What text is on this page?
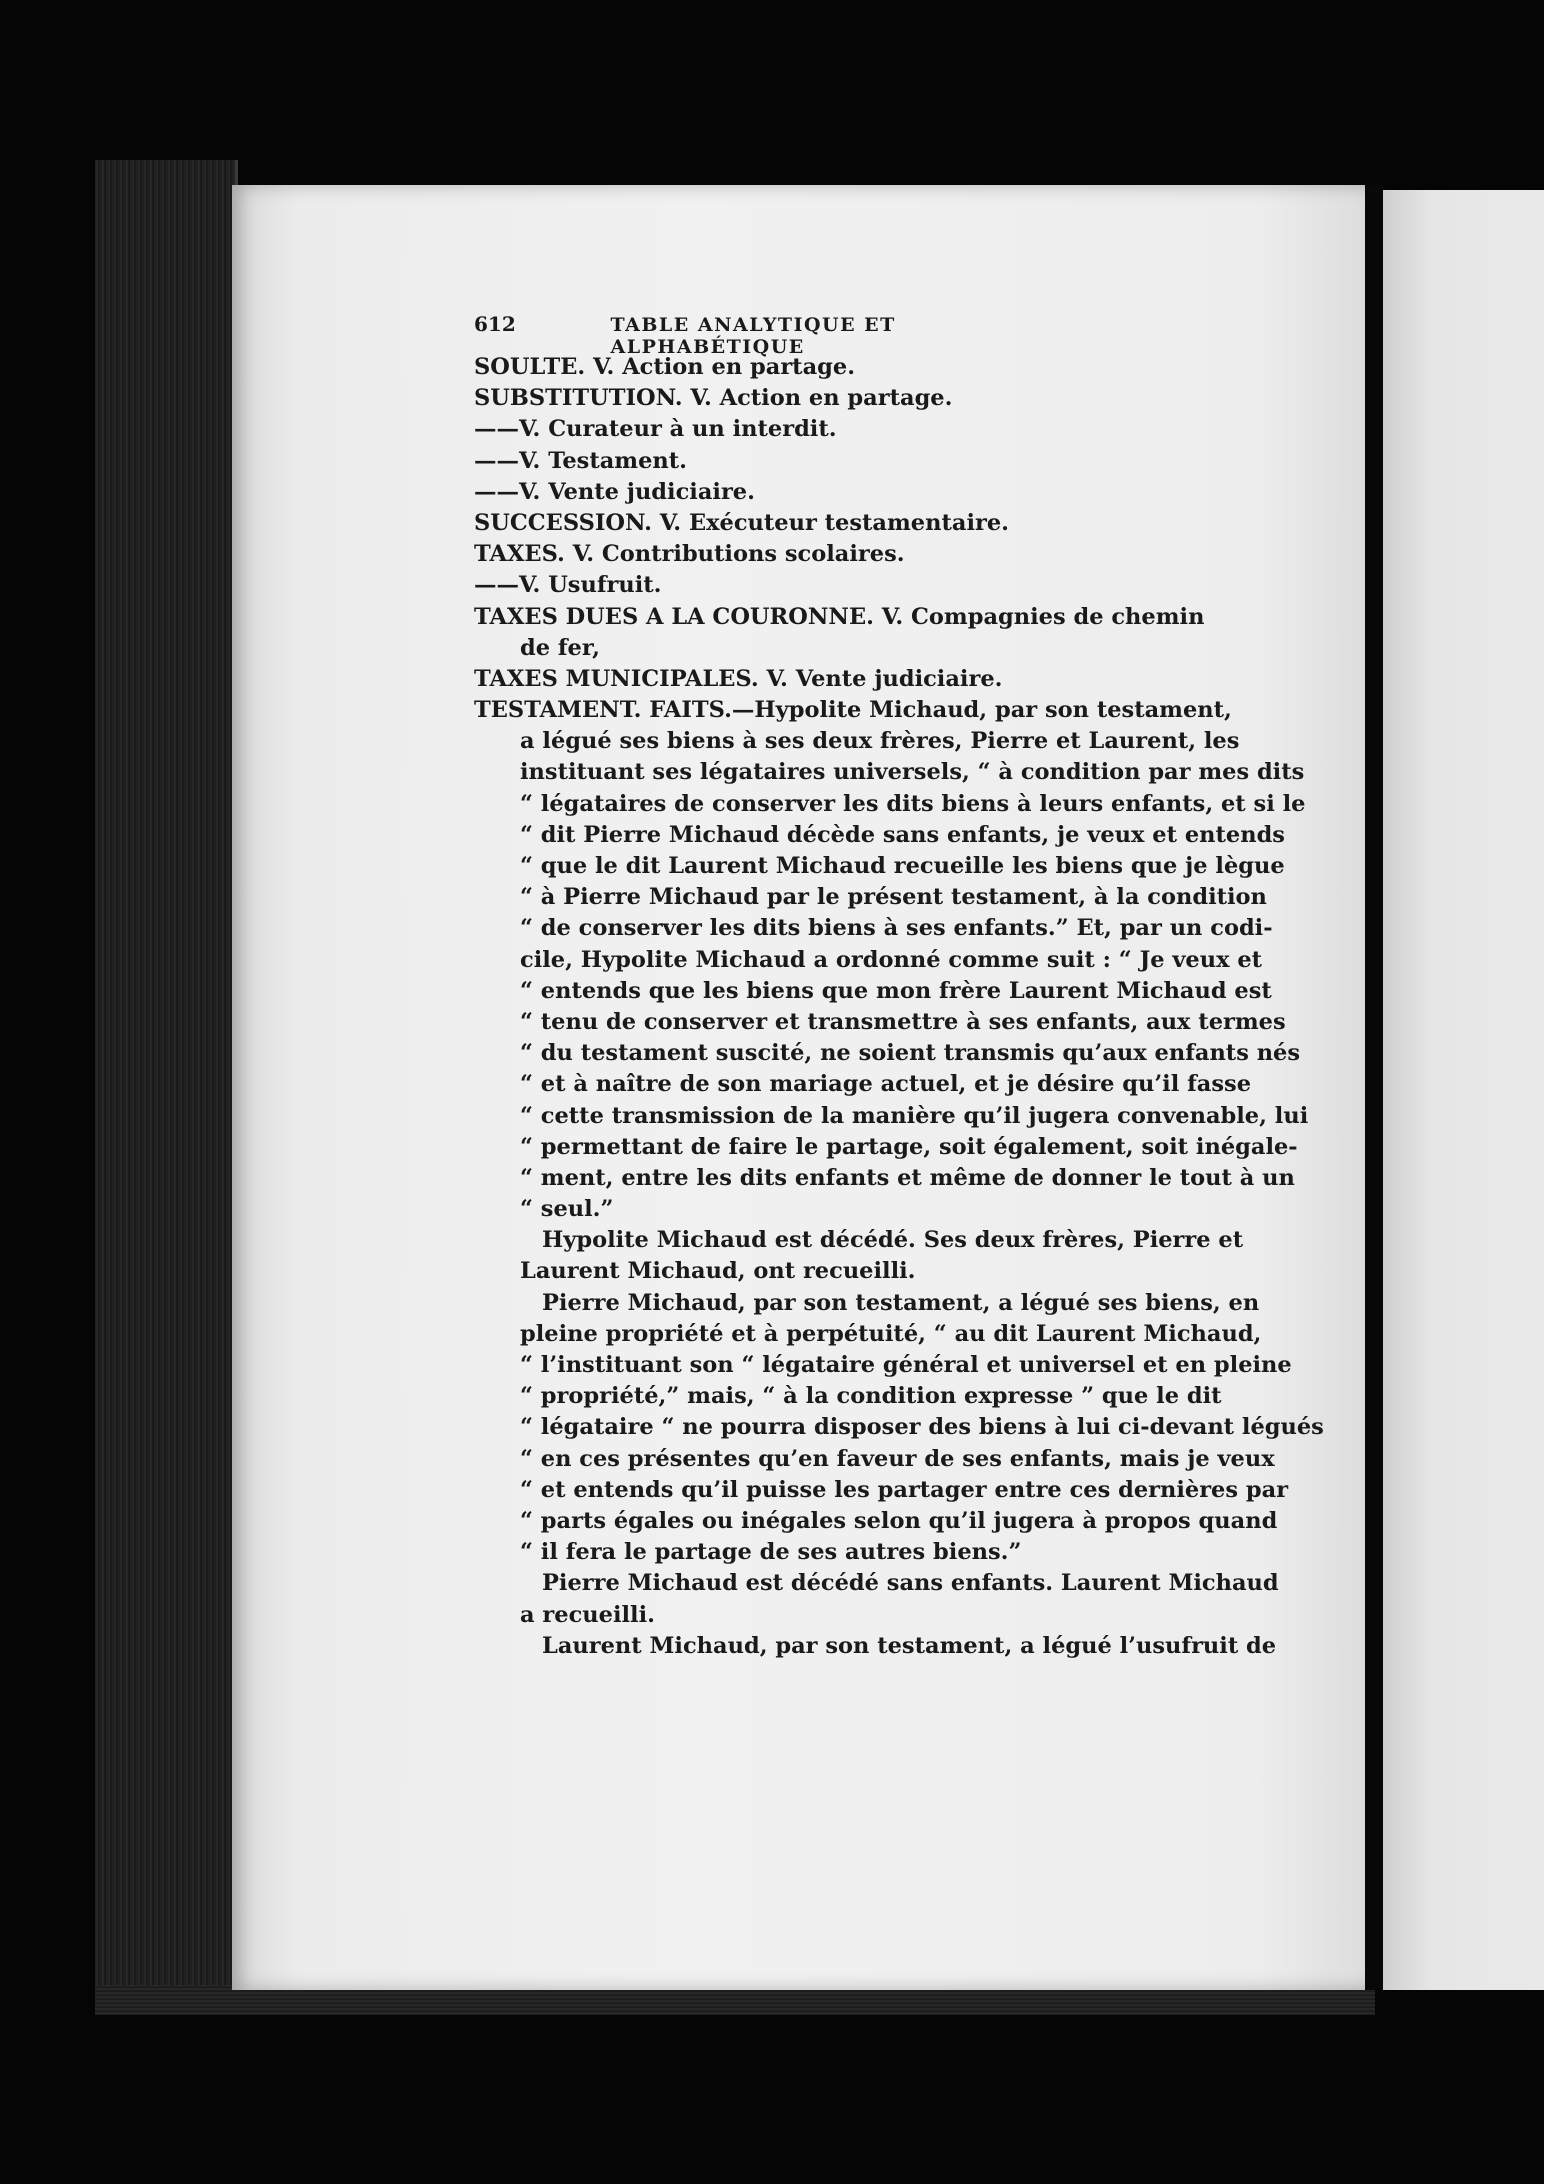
612	TABLE ANALYTIQUE ET ALPHABÉTIQUE
SOULTE. V. Action en partage.
SUBSTITUTION. V. Action en partage.
——V. Curateur à un interdit.
——V. Testament.
——V. Vente judiciaire.
SUCCESSION. V. Exécuteur testamentaire.
TAXES. V. Contributions scolaires.
——V. Usufruit.
TAXES DUES A LA COURONNE. V. Compagnies de chemin
de fer,
TAXES MUNICIPALES. V. Vente judiciaire.
TESTAMENT. FAITS.—Hypolite Michaud, par son testament,
a légué ses biens à ses deux frères, Pierre et Laurent, les
instituant ses légataires universels, “ à condition par mes dits
“ légataires de conserver les dits biens à leurs enfants, et si le
“ dit Pierre Michaud décède sans enfants, je veux et entends
“ que le dit Laurent Michaud recueille les biens que je lègue
“ à Pierre Michaud par le présent testament, à la condition
“ de conserver les dits biens à ses enfants.” Et, par un codi-
cile, Hypolite Michaud a ordonné comme suit : “ Je veux et
“ entends que les biens que mon frère Laurent Michaud est
“ tenu de conserver et transmettre à ses enfants, aux termes
“ du testament suscité, ne soient transmis qu’aux enfants nés
“ et à naître de son mariage actuel, et je désire qu’il fasse
“ cette transmission de la manière qu’il jugera convenable, lui
“ permettant de faire le partage, soit également, soit inégale-
“ ment, entre les dits enfants et même de donner le tout à un
“ seul.”
Hypolite Michaud est décédé. Ses deux frères, Pierre et
Laurent Michaud, ont recueilli.
Pierre Michaud, par son testament, a légué ses biens, en
pleine propriété et à perpétuité, “ au dit Laurent Michaud,
“ l’instituant son “ légataire général et universel et en pleine
“ propriété,” mais, “ à la condition expresse ” que le dit
“ légataire “ ne pourra disposer des biens à lui ci-devant légués
“ en ces présentes qu’en faveur de ses enfants, mais je veux
“ et entends qu’il puisse les partager entre ces dernières par
“ parts égales ou inégales selon qu’il jugera à propos quand
“ il fera le partage de ses autres biens.”
Pierre Michaud est décédé sans enfants. Laurent Michaud
a recueilli.
Laurent Michaud, par son testament, a légué l’usufruit de
